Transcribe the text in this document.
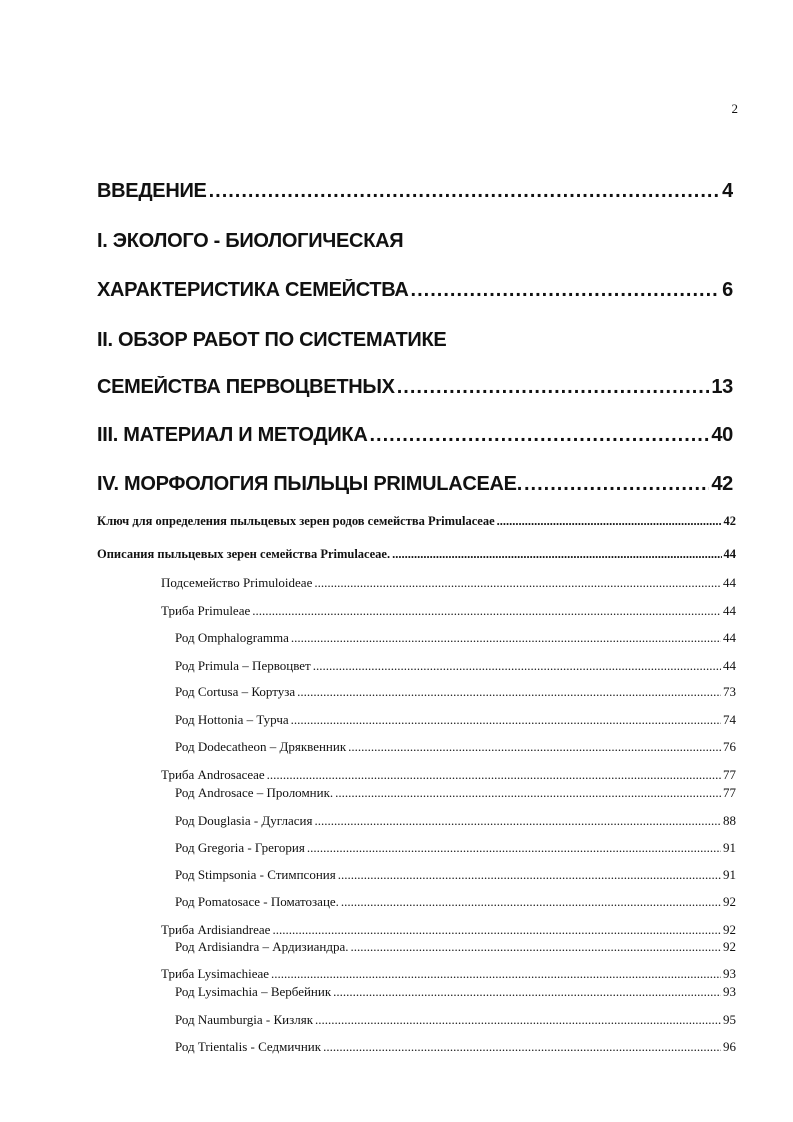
2
ВВЕДЕНИЕ .....	4
I. ЭКОЛОГО - БИОЛОГИЧЕСКАЯ
ХАРАКТЕРИСТИКА СЕМЕЙСТВА .....	6
II. ОБЗОР РАБОТ ПО СИСТЕМАТИКЕ
СЕМЕЙСТВА ПЕРВОЦВЕТНЫХ .....	13
III. МАТЕРИАЛ И МЕТОДИКА .....	40
IV. МОРФОЛОГИЯ ПЫЛЬЦЫ PRIMULACEAE. .....	42
Ключ для определения пыльцевых зерен родов семейства Primulaceae .....	42
Описания пыльцевых зерен семейства Primulaceae. .....	44
Подсемейство Primuloideae .....	44
Триба Primuleae .....	44
Род Omphalogramma .....	44
Род Primula – Первоцвет .....	44
Род Cortusa – Кортуза .....	73
Род Hottonia – Турча .....	74
Род Dodecatheon – Дряквенник .....	76
Триба Androsaceae .....	77
Род Androsace – Проломник. .....	77
Род Douglasia - Дугласия .....	88
Род Gregoria - Грегория .....	91
Род Stimpsonia - Стимпсония .....	91
Род Pomatosace - Поматозаце. .....	92
Триба Ardisiandreae .....	92
Род Ardisiandra – Ардизиандра. .....	92
Триба Lysimachieae .....	93
Род Lysimachia – Вербейник .....	93
Род Naumburgia - Кизляк .....	95
Род Trientalis - Седмичник .....	96
